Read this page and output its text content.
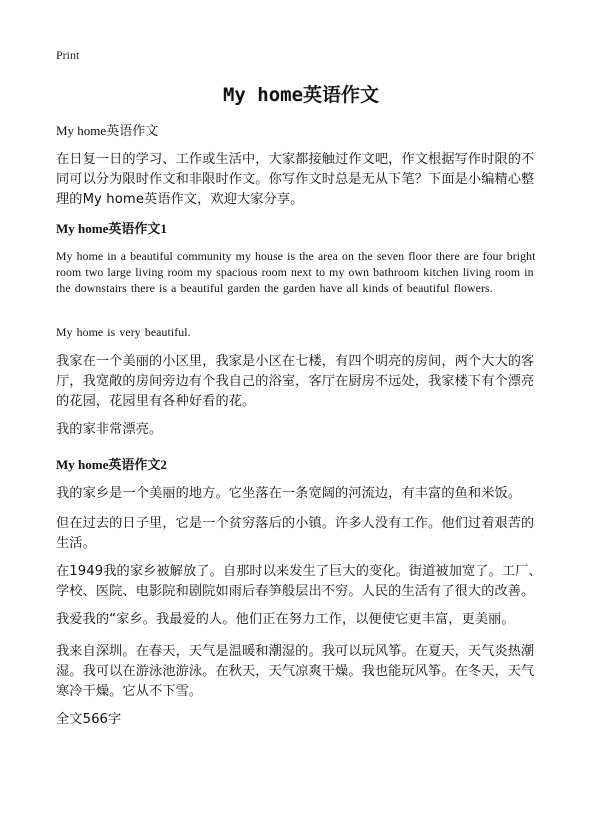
Print
My home英语作文
My home英语作文
在日复一日的学习、工作或生活中，大家都接触过作文吧，作文根据写作时限的不同可以分为限时作文和非限时作文。你写作文时总是无从下笔？下面是小编精心整理的My home英语作文，欢迎大家分享。
My home英语作文1
My home in a beautiful community my house is the area on the seven floor there are four bright room two large living room my spacious room next to my own bathroom kitchen living room in the downstairs there is a beautiful garden the garden have all kinds of beautiful flowers.
My home is very beautiful.
我家在一个美丽的小区里，我家是小区在七楼，有四个明亮的房间，两个大大的客厅，我宽敞的房间旁边有个我自己的浴室，客厅在厨房不远处，我家楼下有个漂亮的花园，花园里有各种好看的花。
我的家非常漂亮。
My home英语作文2
我的家乡是一个美丽的地方。它坐落在一条宽阔的河流边，有丰富的鱼和米饭。
但在过去的日子里，它是一个贫穷落后的小镇。许多人没有工作。他们过着艰苦的生活。
在1949我的家乡被解放了。自那时以来发生了巨大的变化。街道被加宽了。工厂、学校、医院、电影院和剧院如雨后春笋般层出不穷。人民的生活有了很大的改善。
我爱我的“家乡。我最爱的人。他们正在努力工作，以便使它更丰富，更美丽。
我来自深圳。在春天，天气是温暖和潮湿的。我可以玩风筝。在夏天，天气炎热潮湿。我可以在游泳池游泳。在秋天，天气凉爽干燥。我也能玩风筝。在冬天，天气寒冷干燥。它从不下雪。
全文566字
